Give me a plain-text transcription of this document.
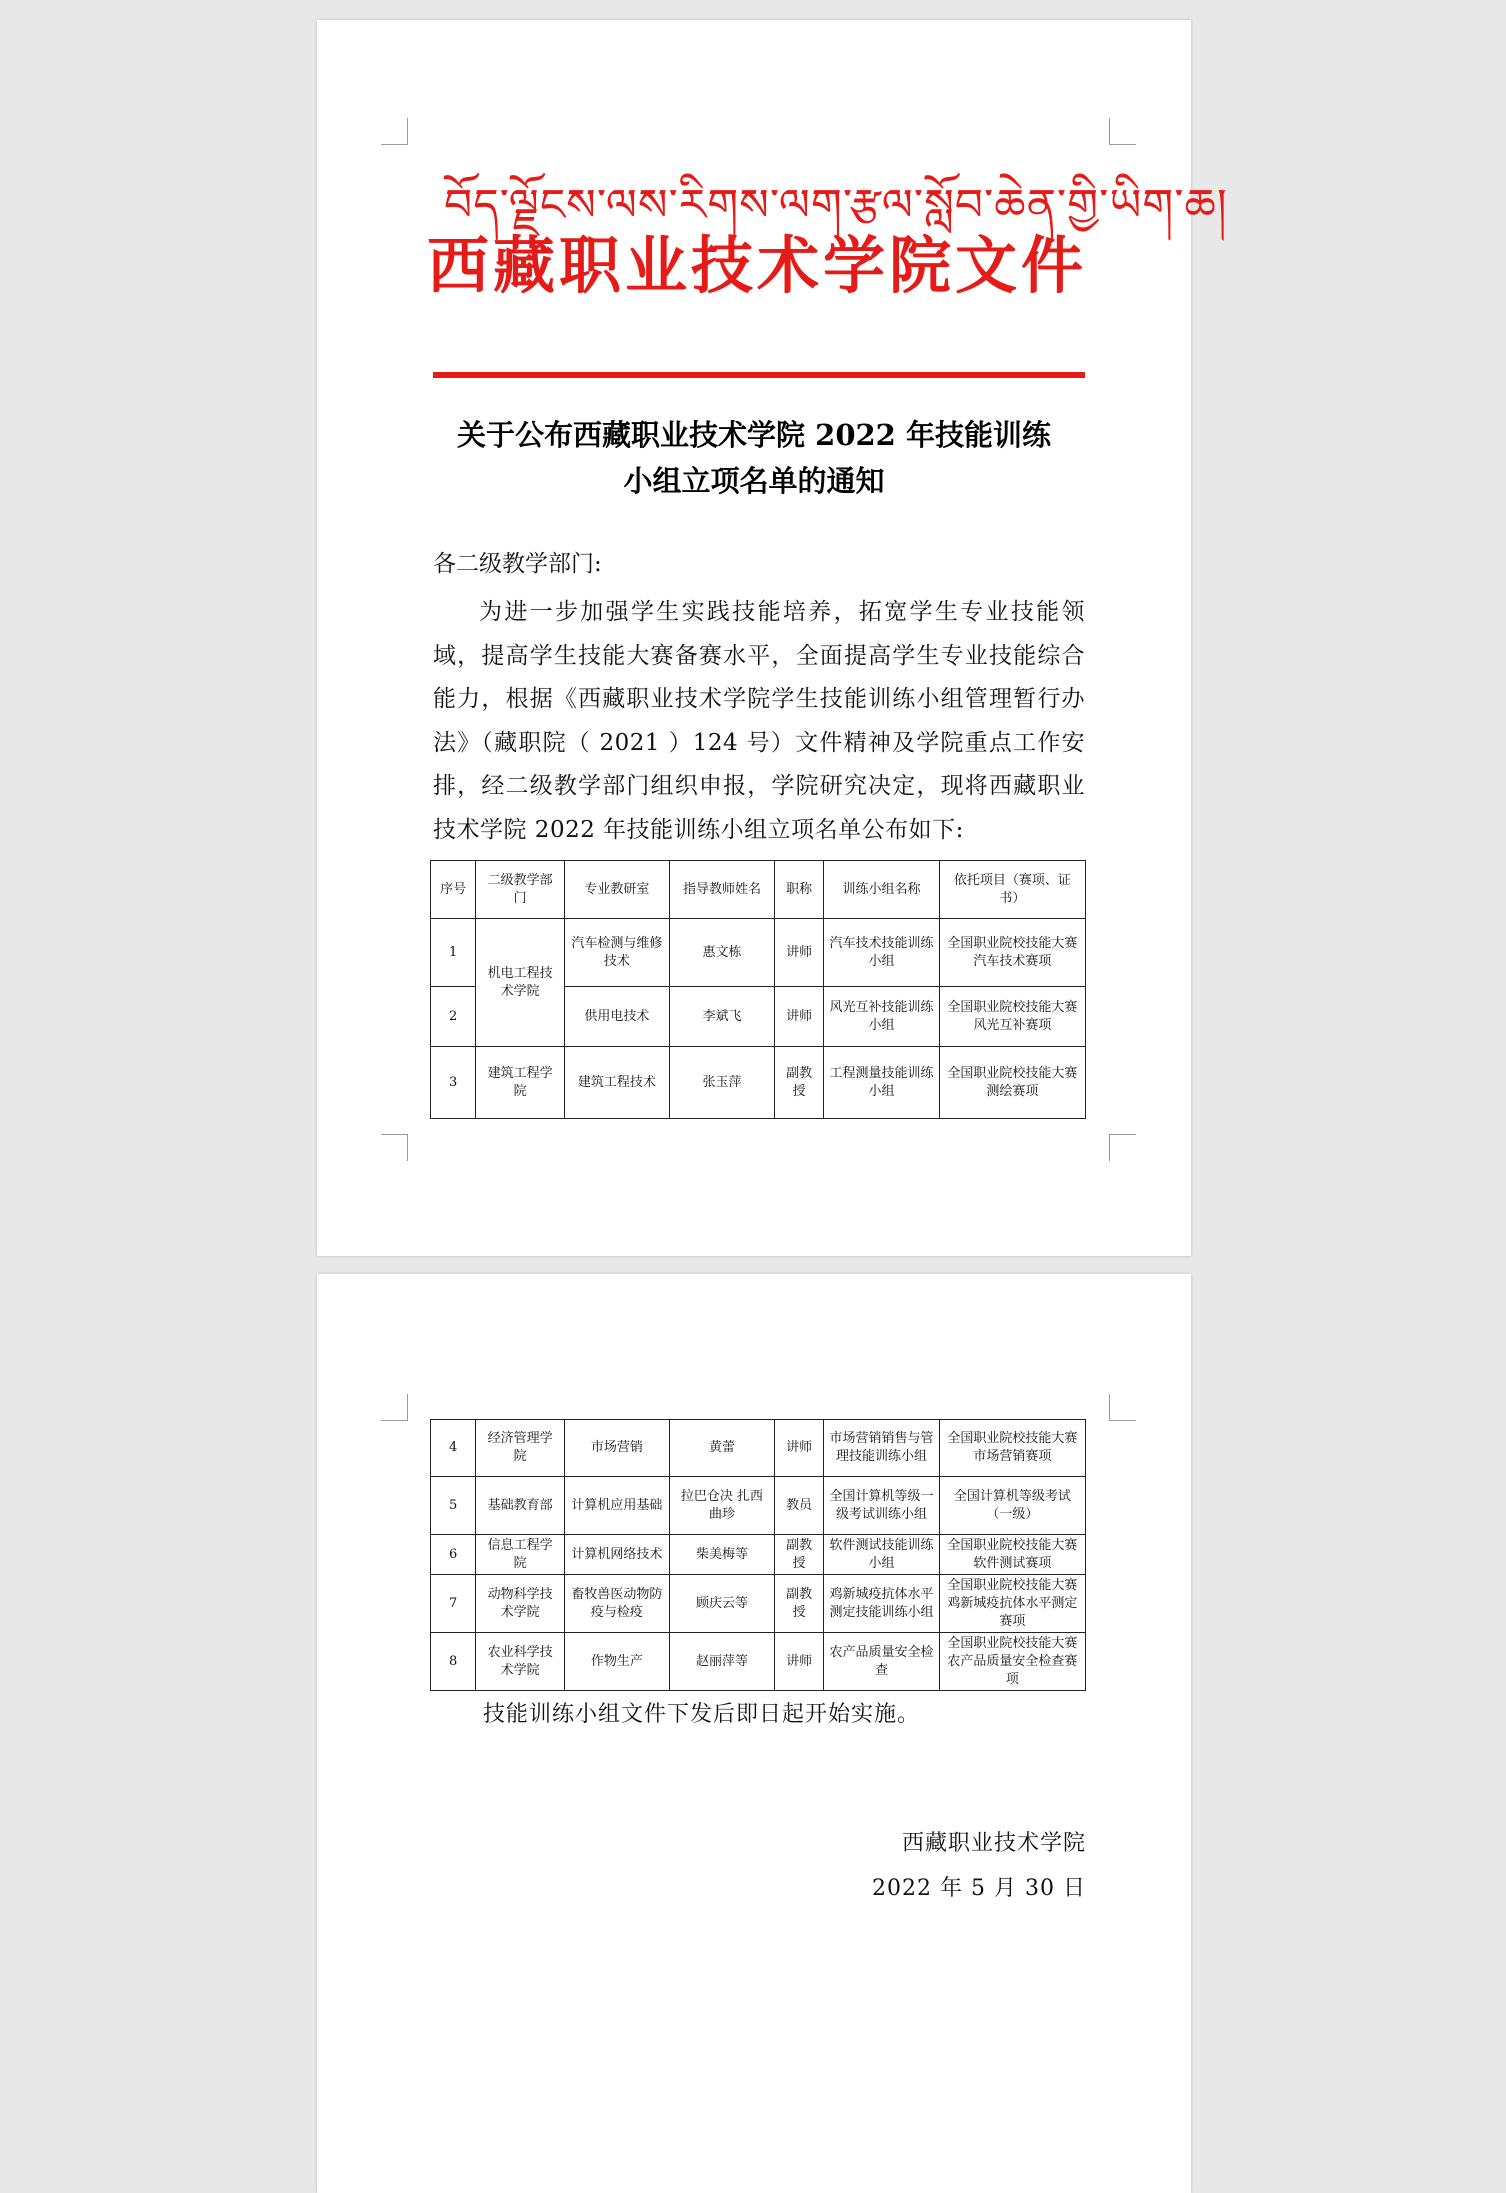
བོད་ལྗོངས་ལས་རིགས་ལག་རྩལ་སློབ་ཆེན་གྱི་ཡིག་ཆ།
西藏职业技术学院文件
关于公布西藏职业技术学院 2022 年技能训练
小组立项名单的通知
各二级教学部门:
为进一步加强学生实践技能培养，拓宽学生专业技能领域，提高学生技能大赛备赛水平，全面提高学生专业技能综合能力，根据《西藏职业技术学院学生技能训练小组管理暂行办法》（藏职院（ 2021 ）124 号）文件精神及学院重点工作安排，经二级教学部门组织申报，学院研究决定，现将西藏职业技术学院 2022 年技能训练小组立项名单公布如下:
序号	二级教学部门	专业教研室	指导教师姓名	职称	训练小组名称	依托项目（赛项、证书）
1	机电工程技术学院	汽车检测与维修技术	惠文栋	讲师	汽车技术技能训练小组	全国职业院校技能大赛汽车技术赛项
2		供用电技术	李斌飞	讲师	风光互补技能训练小组	全国职业院校技能大赛风光互补赛项
3	建筑工程学院	建筑工程技术	张玉萍	副教授	工程测量技能训练小组	全国职业院校技能大赛测绘赛项
4	经济管理学院	市场营销	黄蕾	讲师	市场营销销售与管理技能训练小组	全国职业院校技能大赛市场营销赛项
5	基础教育部	计算机应用基础	拉巴仓决 扎西曲珍	教员	全国计算机等级一级考试训练小组	全国计算机等级考试（一级）
6	信息工程学院	计算机网络技术	柴美梅等	副教授	软件测试技能训练小组	全国职业院校技能大赛软件测试赛项
7	动物科学技术学院	畜牧兽医动物防疫与检疫	顾庆云等	副教授	鸡新城疫抗体水平测定技能训练小组	全国职业院校技能大赛鸡新城疫抗体水平测定赛项
8	农业科学技术学院	作物生产	赵丽萍等	讲师	农产品质量安全检查	全国职业院校技能大赛农产品质量安全检查赛项
技能训练小组文件下发后即日起开始实施。
西藏职业技术学院
2022 年 5 月 30 日
